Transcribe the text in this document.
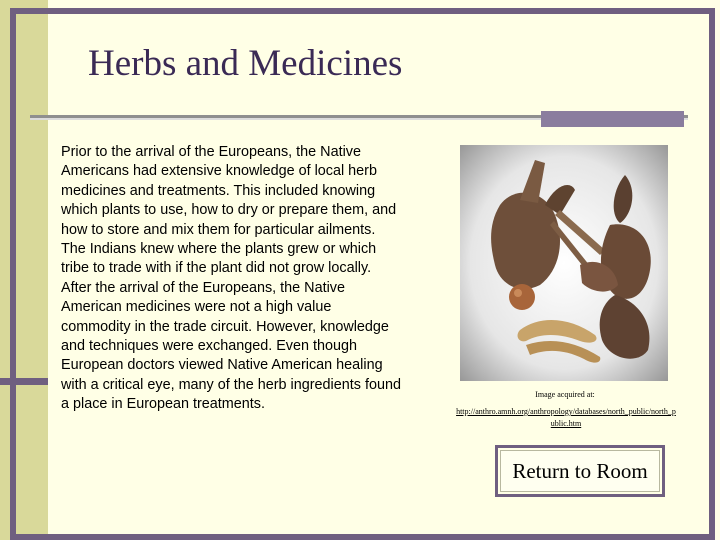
Herbs and Medicines

Prior to the arrival of the Europeans, the Native Americans had extensive knowledge of local herb medicines and treatments. This included knowing which plants to use, how to dry or prepare them, and how to store and mix them for particular ailments. The Indians knew where the plants grew or which tribe to trade with if the plant did not grow locally. After the arrival of the Europeans, the Native American medicines were not a high value commodity in the trade circuit. However, knowledge and techniques were exchanged. Even though European doctors viewed Native American healing with a critical eye, many of the herb ingredients found a place in European treatments.

Image acquired at:
http://anthro.amnh.org/anthropology/databases/north_public/north_public.htm
Return to Room
